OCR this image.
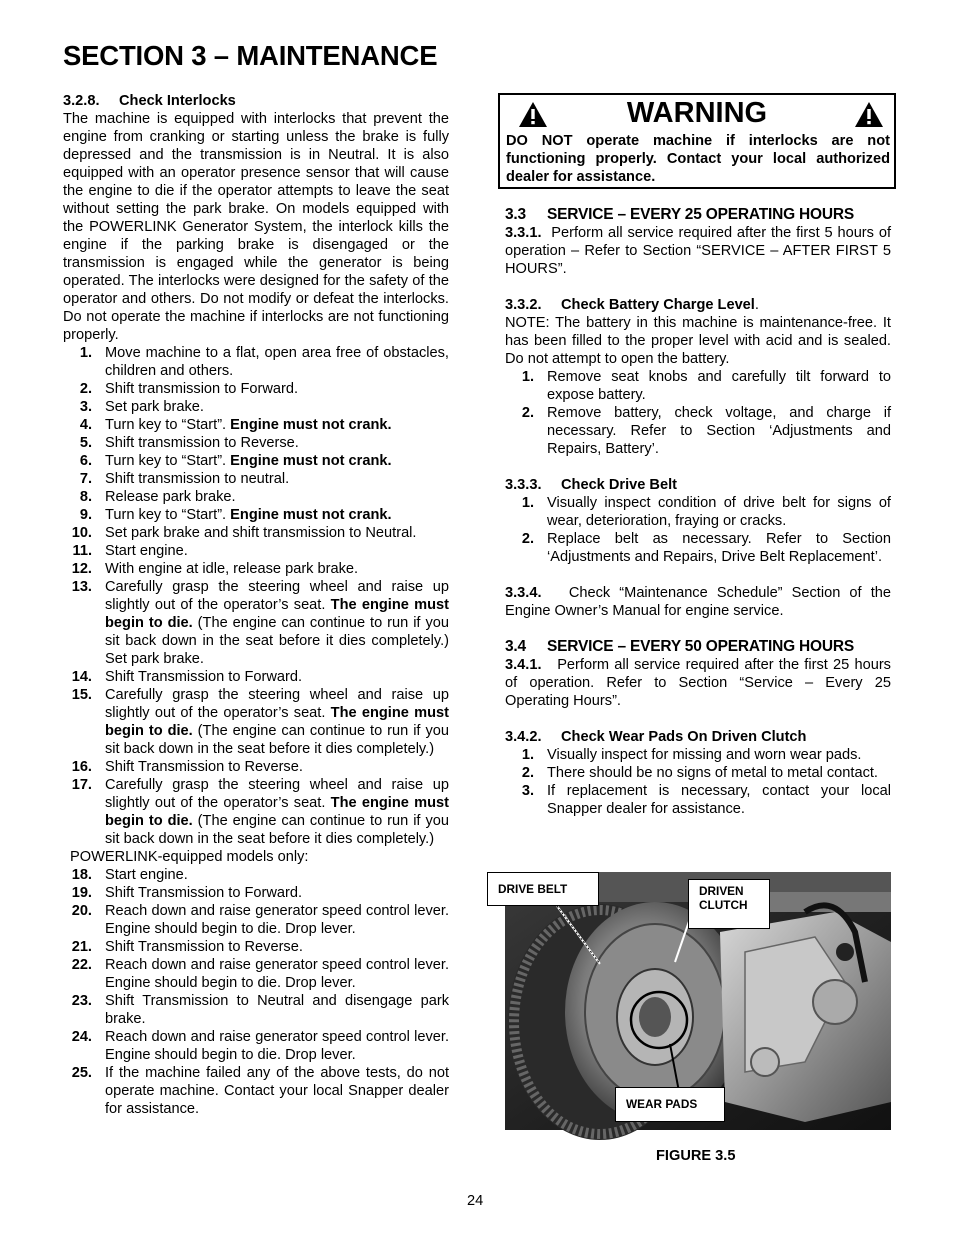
SECTION 3 – MAINTENANCE

3.2.8. Check Interlocks

The machine is equipped with interlocks that prevent the engine from cranking or starting unless the brake is fully depressed and the transmission is in Neutral. It is also equipped with an operator presence sensor that will cause the engine to die if the operator attempts to leave the seat without setting the park brake. On models equipped with the POWERLINK Generator System, the interlock kills the engine if the parking brake is disengaged or the transmission is engaged while the generator is being operated. The interlocks were designed for the safety of the operator and others. Do not modify or defeat the interlocks. Do not operate the machine if interlocks are not functioning properly.

1. Move machine to a flat, open area free of obstacles, children and others.
2. Shift transmission to Forward.
3. Set park brake.
4. Turn key to “Start”. Engine must not crank.
5. Shift transmission to Reverse.
6. Turn key to “Start”. Engine must not crank.
7. Shift transmission to neutral.
8. Release park brake.
9. Turn key to “Start”. Engine must not crank.
10. Set park brake and shift transmission to Neutral.
11. Start engine.
12. With engine at idle, release park brake.
13. Carefully grasp the steering wheel and raise up slightly out of the operator’s seat. The engine must begin to die. (The engine can continue to run if you sit back down in the seat before it dies completely.) Set park brake.
14. Shift Transmission to Forward.
15. Carefully grasp the steering wheel and raise up slightly out of the operator’s seat. The engine must begin to die. (The engine can continue to run if you sit back down in the seat before it dies completely.)
16. Shift Transmission to Reverse.
17. Carefully grasp the steering wheel and raise up slightly out of the operator’s seat. The engine must begin to die. (The engine can continue to run if you sit back down in the seat before it dies completely.)

POWERLINK-equipped models only:

18. Start engine.
19. Shift Transmission to Forward.
20. Reach down and raise generator speed control lever. Engine should begin to die. Drop lever.
21. Shift Transmission to Reverse.
22. Reach down and raise generator speed control lever. Engine should begin to die. Drop lever.
23. Shift Transmission to Neutral and disengage park brake.
24. Reach down and raise generator speed control lever. Engine should begin to die. Drop lever.
25. If the machine failed any of the above tests, do not operate machine. Contact your local Snapper dealer for assistance.
WARNING
DO NOT operate machine if interlocks are not functioning properly. Contact your local authorized dealer for assistance.

3.3 SERVICE – EVERY 25 OPERATING HOURS

3.3.1. Perform all service required after the first 5 hours of operation – Refer to Section “SERVICE – AFTER FIRST 5 HOURS”.

3.3.2. Check Battery Charge Level.

NOTE: The battery in this machine is maintenance-free. It has been filled to the proper level with acid and is sealed. Do not attempt to open the battery.

1. Remove seat knobs and carefully tilt forward to expose battery.
2. Remove battery, check voltage, and charge if necessary. Refer to Section ‘Adjustments and Repairs, Battery’.

3.3.3. Check Drive Belt

1. Visually inspect condition of drive belt for signs of wear, deterioration, fraying or cracks.
2. Replace belt as necessary. Refer to Section ‘Adjustments and Repairs, Drive Belt Replacement’.

3.3.4. Check “Maintenance Schedule” Section of the Engine Owner’s Manual for engine service.

3.4 SERVICE – EVERY 50 OPERATING HOURS

3.4.1. Perform all service required after the first 25 hours of operation. Refer to Section “Service – Every 25 Operating Hours”.

3.4.2. Check Wear Pads On Driven Clutch

1. Visually inspect for missing and worn wear pads.
2. There should be no signs of metal to metal contact.
3. If replacement is necessary, contact your local Snapper dealer for assistance.
DRIVE BELT	DRIVEN
CLUTCH
WEAR PADS
FIGURE 3.5
24
